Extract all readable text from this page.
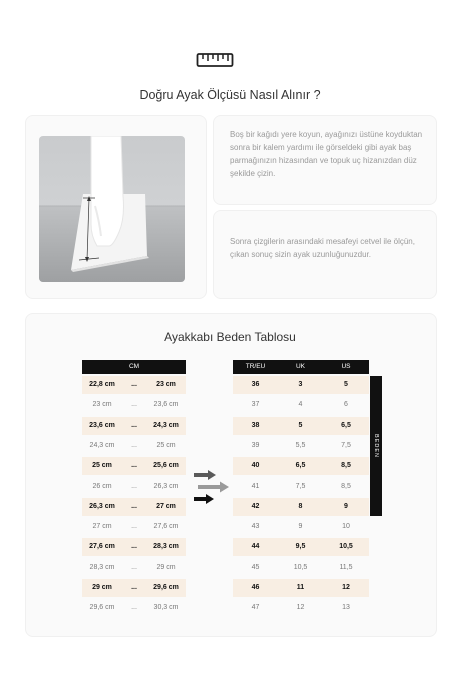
Doğru Ayak Ölçüsü Nasıl Alınır ?

Boş bir kağıdı yere koyun, ayağınızı üstüne koyduktan sonra bir kalem yardımı ile görseldeki gibi ayak baş parmağınızın hizasından ve topuk uç hizanızdan düz şekilde çizin.

Sonra çizgilerin arasındaki mesafeyi cetvel ile ölçün, çıkan sonuç sizin ayak uzunluğunuzdur.

Ayakkabı Beden Tablosu
CM	TR/EU	UK	US
22,8 cm	...	23 cm	36	3	5
23 cm	...	23,6 cm	37	4	6
23,6 cm	...	24,3 cm	38	5	6,5
24,3 cm	...	25 cm	39	5,5	7,5
25 cm	...	25,6 cm	40	6,5	8,5
26 cm	...	26,3 cm	41	7,5	8,5
26,3 cm	...	27 cm	42	8	9
27 cm	...	27,6 cm	43	9	10
27,6 cm	...	28,3 cm	44	9,5	10,5
28,3 cm	...	29 cm	45	10,5	11,5
29 cm	...	29,6 cm	46	11	12
29,6 cm	...	30,3 cm	47	12	13
BEDEN
